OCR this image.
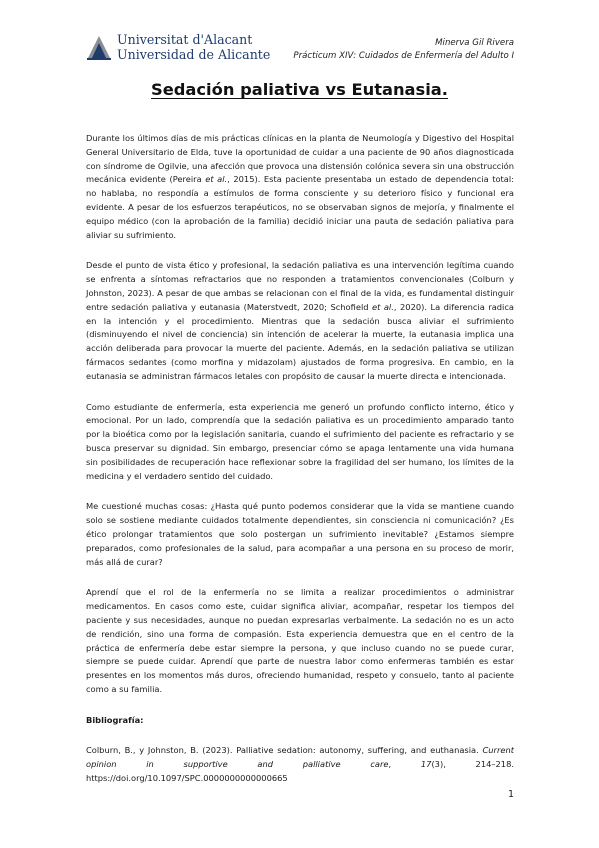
Universitat d'Alacant
Universidad de Alicante
Minerva Gil Rivera
Prácticum XIV: Cuidados de Enfermería del Adulto I
Sedación paliativa vs Eutanasia.

Durante los últimos días de mis prácticas clínicas en la planta de Neumología y Digestivo del Hospital General Universitario de Elda, tuve la oportunidad de cuidar a una paciente de 90 años diagnosticada con síndrome de Ogilvie, una afección que provoca una distensión colónica severa sin una obstrucción mecánica evidente (Pereira et al., 2015). Esta paciente presentaba un estado de dependencia total: no hablaba, no respondía a estímulos de forma consciente y su deterioro físico y funcional era evidente. A pesar de los esfuerzos terapéuticos, no se observaban signos de mejoría, y finalmente el equipo médico (con la aprobación de la familia) decidió iniciar una pauta de sedación paliativa para aliviar su sufrimiento.

Desde el punto de vista ético y profesional, la sedación paliativa es una intervención legítima cuando se enfrenta a síntomas refractarios que no responden a tratamientos convencionales (Colburn y Johnston, 2023). A pesar de que ambas se relacionan con el final de la vida, es fundamental distinguir entre sedación paliativa y eutanasia (Materstvedt, 2020; Schofield et al., 2020). La diferencia radica en la intención y el procedimiento. Mientras que la sedación busca aliviar el sufrimiento (disminuyendo el nivel de conciencia) sin intención de acelerar la muerte, la eutanasia implica una acción deliberada para provocar la muerte del paciente. Además, en la sedación paliativa se utilizan fármacos sedantes (como morfina y midazolam) ajustados de forma progresiva. En cambio, en la eutanasia se administran fármacos letales con propósito de causar la muerte directa e intencionada.

Como estudiante de enfermería, esta experiencia me generó un profundo conflicto interno, ético y emocional. Por un lado, comprendía que la sedación paliativa es un procedimiento amparado tanto por la bioética como por la legislación sanitaria, cuando el sufrimiento del paciente es refractario y se busca preservar su dignidad. Sin embargo, presenciar cómo se apaga lentamente una vida humana sin posibilidades de recuperación hace reflexionar sobre la fragilidad del ser humano, los límites de la medicina y el verdadero sentido del cuidado.

Me cuestioné muchas cosas: ¿Hasta qué punto podemos considerar que la vida se mantiene cuando solo se sostiene mediante cuidados totalmente dependientes, sin consciencia ni comunicación? ¿Es ético prolongar tratamientos que solo postergan un sufrimiento inevitable? ¿Estamos siempre preparados, como profesionales de la salud, para acompañar a una persona en su proceso de morir, más allá de curar?

Aprendí que el rol de la enfermería no se limita a realizar procedimientos o administrar medicamentos. En casos como este, cuidar significa aliviar, acompañar, respetar los tiempos del paciente y sus necesidades, aunque no puedan expresarlas verbalmente. La sedación no es un acto de rendición, sino una forma de compasión. Esta experiencia demuestra que en el centro de la práctica de enfermería debe estar siempre la persona, y que incluso cuando no se puede curar, siempre se puede cuidar. Aprendí que parte de nuestra labor como enfermeras también es estar presentes en los momentos más duros, ofreciendo humanidad, respeto y consuelo, tanto al paciente como a su familia.

Bibliografía:

Colburn, B., y Johnston, B. (2023). Palliative sedation: autonomy, suffering, and euthanasia. Current opinion in supportive and palliative care, 17(3), 214–218. https://doi.org/10.1097/SPC.0000000000000665

1
